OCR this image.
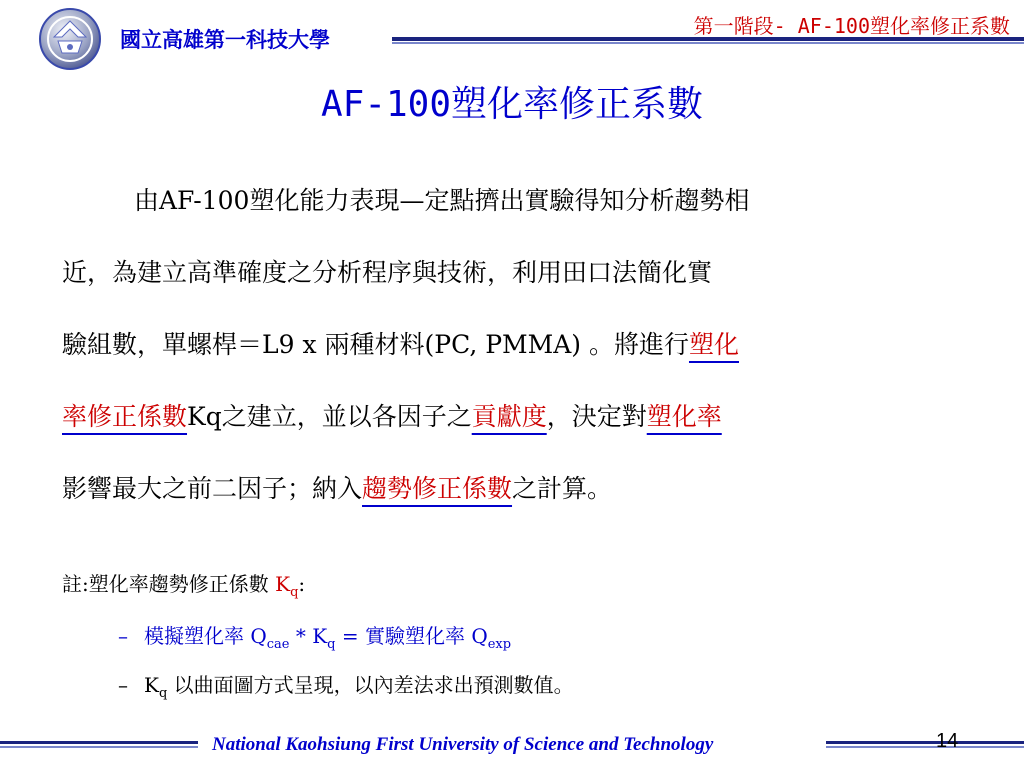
國立高雄第一科技大學
第一階段- AF-100塑化率修正系數
AF-100塑化率修正系數
由AF-100塑化能力表現—定點擠出實驗得知分析趨勢相
近，為建立高準確度之分析程序與技術，利用田口法簡化實
驗組數，單螺桿＝L9 x 兩種材料(PC, PMMA) 。將進行塑化
率修正係數Kq之建立，並以各因子之貢獻度，決定對塑化率
影響最大之前二因子；納入趨勢修正係數之計算。
註:塑化率趨勢修正係數 $K_q$:
– 模擬塑化率 $Q_{cae} * K_q$ = 實驗塑化率 $Q_{exp}$
– $K_q$ 以曲面圖方式呈現，以內差法求出預測數值。
National Kaohsiung First University of Science and Technology	14
